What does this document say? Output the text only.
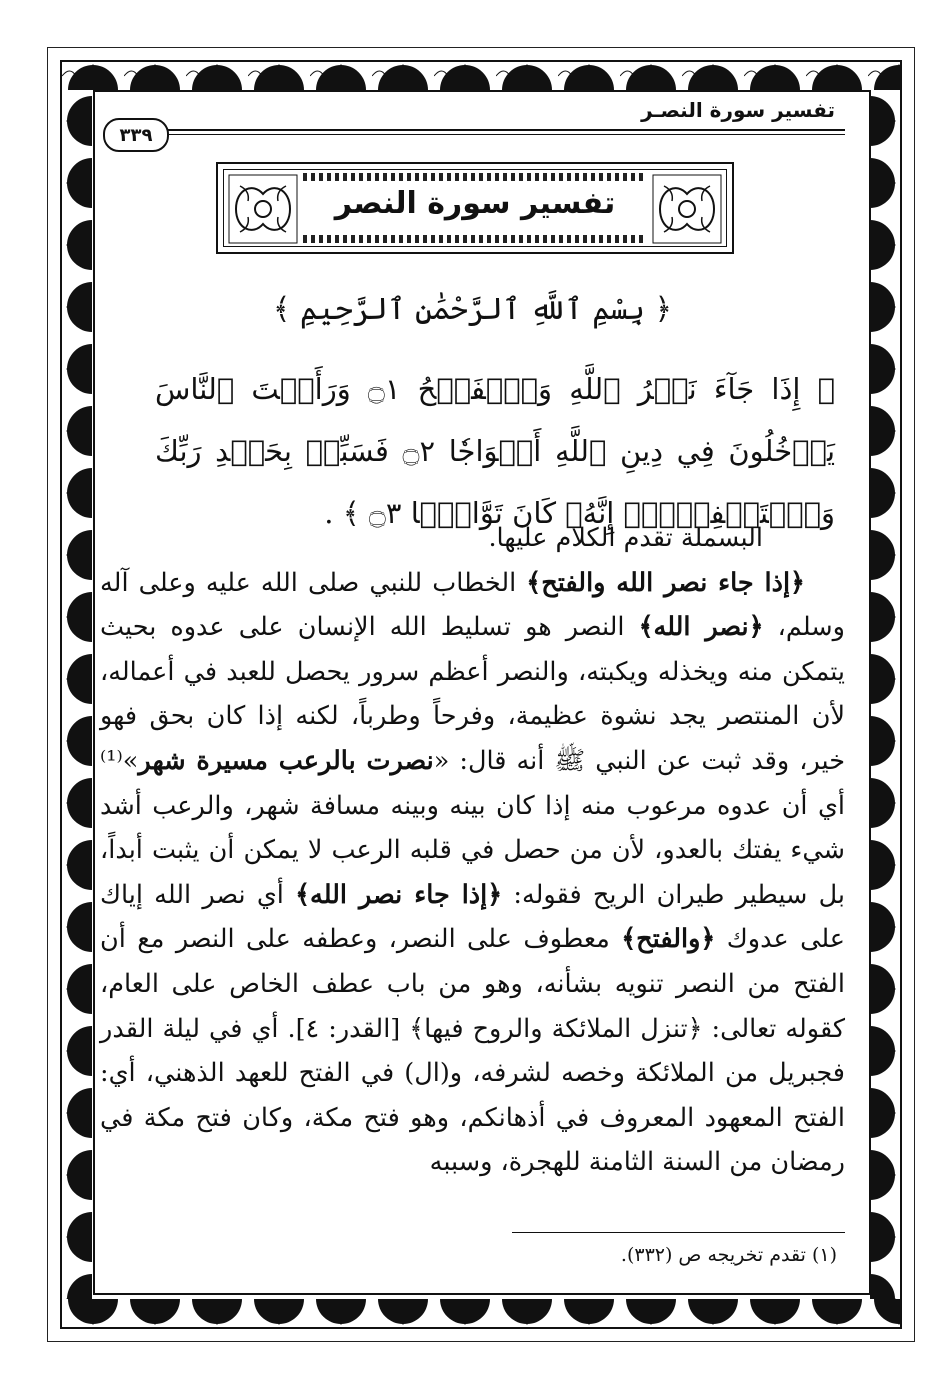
تفسير سورة النصـر
٣٣٩
تفسير سورة النصر
﴿ بِسْمِ ٱللَّهِ ٱلرَّحْمَٰنِ ٱلرَّحِيمِ ﴾
﴿ إِذَا جَآءَ نَصۡرُ ٱللَّهِ وَٱلۡفَتۡحُ ۝١ وَرَأَيۡتَ ٱلنَّاسَ يَدۡخُلُونَ فِي دِينِ ٱللَّهِ أَفۡوَاجٗا ۝٢ فَسَبِّحۡ بِحَمۡدِ رَبِّكَ وَٱسۡتَغۡفِرۡهُۚ إِنَّهُۥ كَانَ تَوَّابَۢا ۝٣ ﴾ .

البسملة تقدم الكلام عليها.

﴿إذا جاء نصر الله والفتح﴾ الخطاب للنبي صلى الله عليه وعلى آله وسلم، ﴿نصر الله﴾ النصر هو تسليط الله الإنسان على عدوه بحيث يتمكن منه ويخذله ويكبته، والنصر أعظم سرور يحصل للعبد في أعماله، لأن المنتصر يجد نشوة عظيمة، وفرحاً وطرباً، لكنه إذا كان بحق فهو خير، وقد ثبت عن النبي ﷺ أنه قال: «نصرت بالرعب مسيرة شهر»⁽¹⁾ أي أن عدوه مرعوب منه إذا كان بينه وبينه مسافة شهر، والرعب أشد شيء يفتك بالعدو، لأن من حصل في قلبه الرعب لا يمكن أن يثبت أبداً، بل سيطير طيران الريح فقوله: ﴿إذا جاء نصر الله﴾ أي نصر الله إياك على عدوك ﴿والفتح﴾ معطوف على النصر، وعطفه على النصر مع أن الفتح من النصر تنويه بشأنه، وهو من باب عطف الخاص على العام، كقوله تعالى: ﴿تنزل الملائكة والروح فيها﴾ [القدر: ٤]. أي في ليلة القدر فجبريل من الملائكة وخصه لشرفه، و(ال) في الفتح للعهد الذهني، أي: الفتح المعهود المعروف في أذهانكم، وهو فتح مكة، وكان فتح مكة في رمضان من السنة الثامنة للهجرة، وسببه

(١) تقدم تخريجه ص (٣٣٢).
